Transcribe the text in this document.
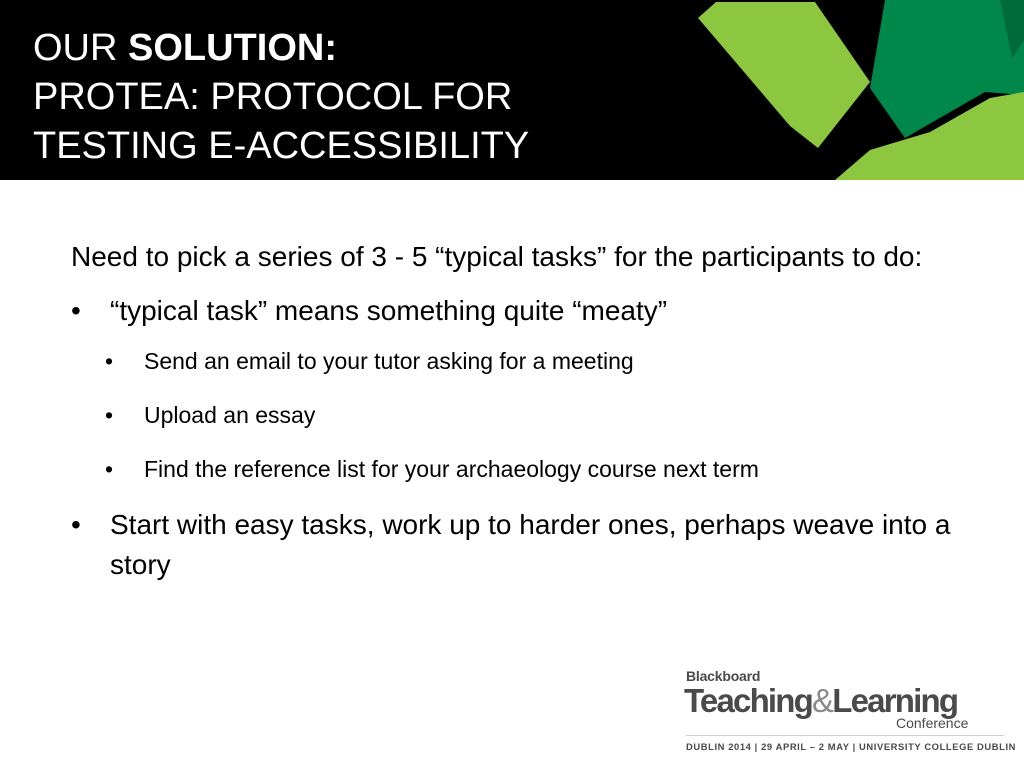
OUR SOLUTION:
PROTEA: PROTOCOL FOR
TESTING E-ACCESSIBILITY

Need to pick a series of 3 - 5 “typical tasks” for the participants to do:

• “typical task” means something quite “meaty”
• Send an email to your tutor asking for a meeting
• Upload an essay
• Find the reference list for your archaeology course next term
• Start with easy tasks, work up to harder ones, perhaps weave into a story
Blackboard
Teaching&Learning
Conference
DUBLIN 2014 | 29 APRIL – 2 MAY | UNIVERSITY COLLEGE DUBLIN
